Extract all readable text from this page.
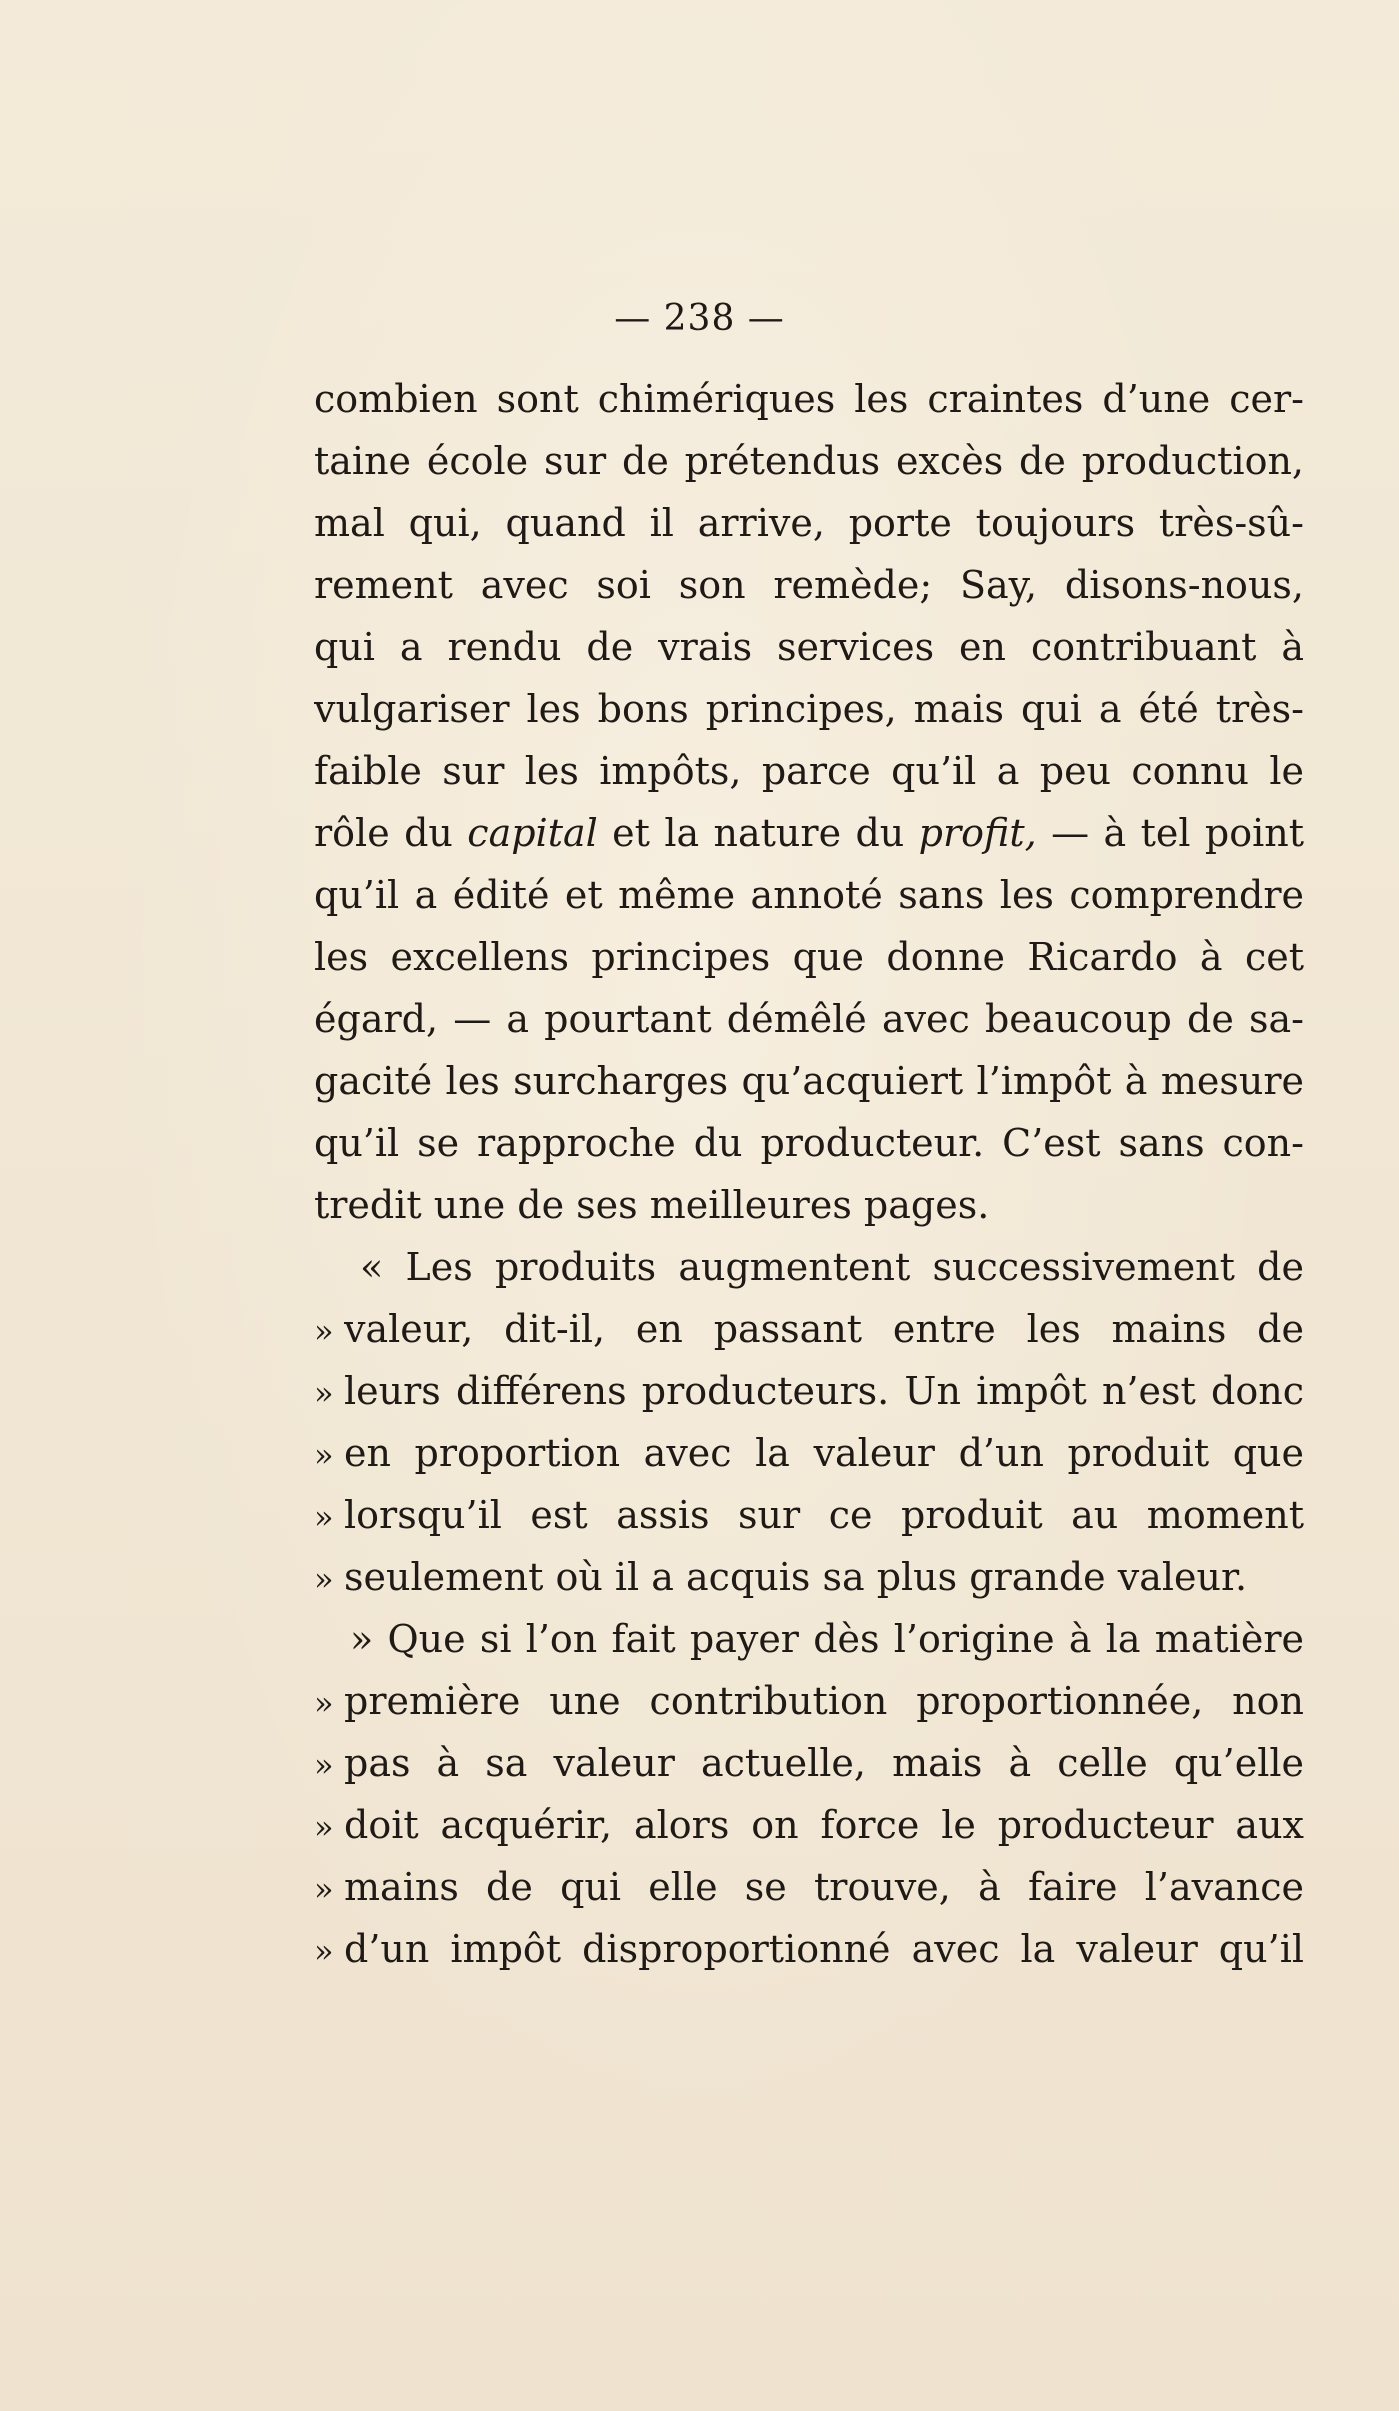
— 238 —
combien sont chimériques les craintes d’une cer-
taine école sur de prétendus excès de production,
mal qui, quand il arrive, porte toujours très-sû-
rement avec soi son remède; Say, disons-nous,
qui a rendu de vrais services en contribuant à
vulgariser les bons principes, mais qui a été très-
faible sur les impôts, parce qu’il a peu connu le
rôle du capital et la nature du profit, — à tel point
qu’il a édité et même annoté sans les comprendre
les excellens principes que donne Ricardo à cet
égard, — a pourtant démêlé avec beaucoup de sa-
gacité les surcharges qu’acquiert l’impôt à mesure
qu’il se rapproche du producteur. C’est sans con-
tredit une de ses meilleures pages.
« Les produits augmentent successivement de
» valeur, dit-il, en passant entre les mains de
» leurs différens producteurs. Un impôt n’est donc
» en proportion avec la valeur d’un produit que
» lorsqu’il est assis sur ce produit au moment
» seulement où il a acquis sa plus grande valeur.
» Que si l’on fait payer dès l’origine à la matière
» première une contribution proportionnée, non
» pas à sa valeur actuelle, mais à celle qu’elle
» doit acquérir, alors on force le producteur aux
» mains de qui elle se trouve, à faire l’avance
» d’un impôt disproportionné avec la valeur qu’il
